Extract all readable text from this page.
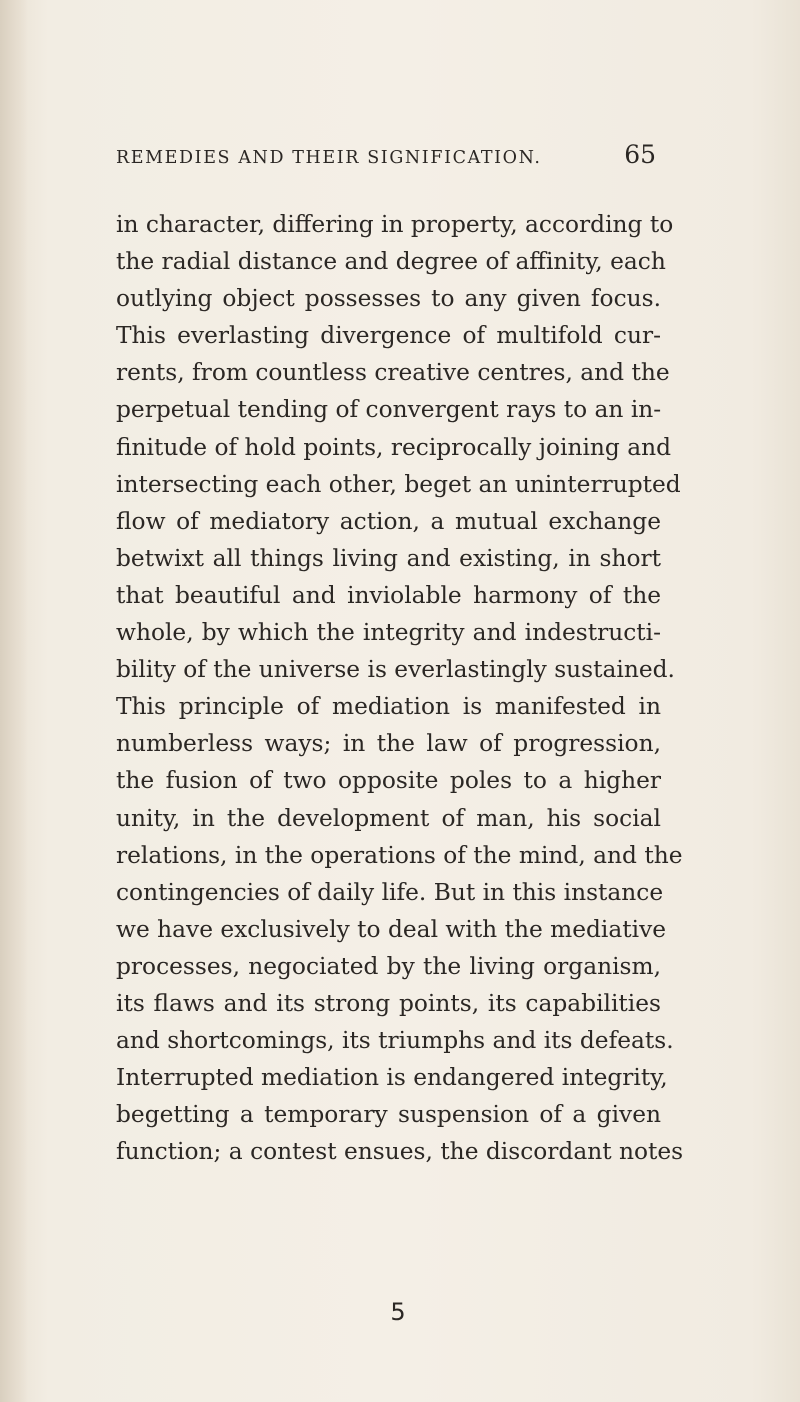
REMEDIES AND THEIR SIGNIFICATION.	65
in character, differing in property, according to
the radial distance and degree of affinity, each
outlying object possesses to any given focus.
This everlasting divergence of multifold cur-
rents, from countless creative centres, and the
perpetual tending of convergent rays to an in-
finitude of hold points, reciprocally joining and
intersecting each other, beget an uninterrupted
flow of mediatory action, a mutual exchange
betwixt all things living and existing, in short
that beautiful and inviolable harmony of the
whole, by which the integrity and indestructi-
bility of the universe is everlastingly sustained.
This principle of mediation is manifested in
numberless ways; in the law of progression,
the fusion of two opposite poles to a higher
unity, in the development of man, his social
relations, in the operations of the mind, and the
contingencies of daily life. But in this instance
we have exclusively to deal with the mediative
processes, negociated by the living organism,
its flaws and its strong points, its capabilities
and shortcomings, its triumphs and its defeats.
Interrupted mediation is endangered integrity,
begetting a temporary suspension of a given
function; a contest ensues, the discordant notes
5
